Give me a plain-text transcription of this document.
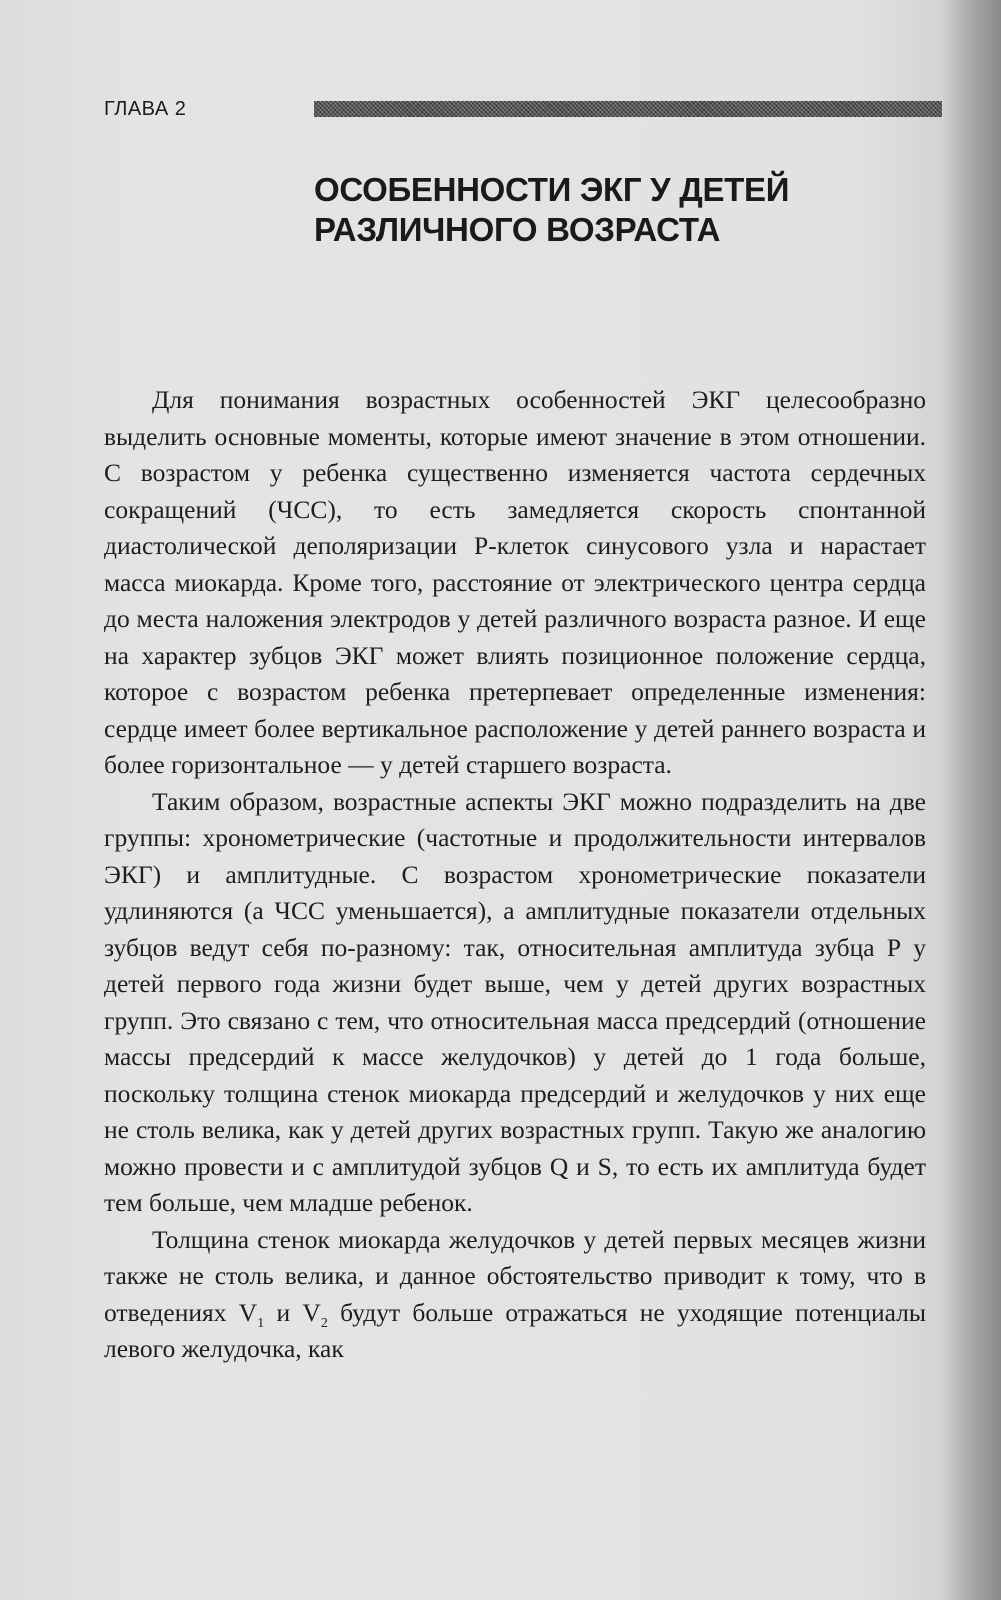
ГЛАВА 2
ОСОБЕННОСТИ ЭКГ У ДЕТЕЙ
РАЗЛИЧНОГО ВОЗРАСТА

Для понимания возрастных особенностей ЭКГ целесообразно выделить основные моменты, которые имеют значение в этом отношении. С возрастом у ребенка существенно изменяется частота сердечных сокращений (ЧСС), то есть замедляется скорость спонтанной диастолической деполяризации Р-клеток синусового узла и нарастает масса миокарда. Кроме того, расстояние от электрического центра сердца до места наложения электродов у детей различного возраста разное. И еще на характер зубцов ЭКГ может влиять позиционное положение сердца, которое с возрастом ребенка претерпевает определенные изменения: сердце имеет более вертикальное расположение у детей раннего возраста и более горизонтальное — у детей старшего возраста.

Таким образом, возрастные аспекты ЭКГ можно подразделить на две группы: хронометрические (частотные и продолжительности интервалов ЭКГ) и амплитудные. С возрастом хронометрические показатели удлиняются (а ЧСС уменьшается), а амплитудные показатели отдельных зубцов ведут себя по-разному: так, относительная амплитуда зубца Р у детей первого года жизни будет выше, чем у детей других возрастных групп. Это связано с тем, что относительная масса предсердий (отношение массы предсердий к массе желудочков) у детей до 1 года больше, поскольку толщина стенок миокарда предсердий и желудочков у них еще не столь велика, как у детей других возрастных групп. Такую же аналогию можно провести и с амплитудой зубцов Q и S, то есть их амплитуда будет тем больше, чем младше ребенок.

Толщина стенок миокарда желудочков у детей первых месяцев жизни также не столь велика, и данное обстоятельство приводит к тому, что в отведениях $V_1$ и $V_2$ будут больше отражаться не уходящие потенциалы левого желудочка, как
